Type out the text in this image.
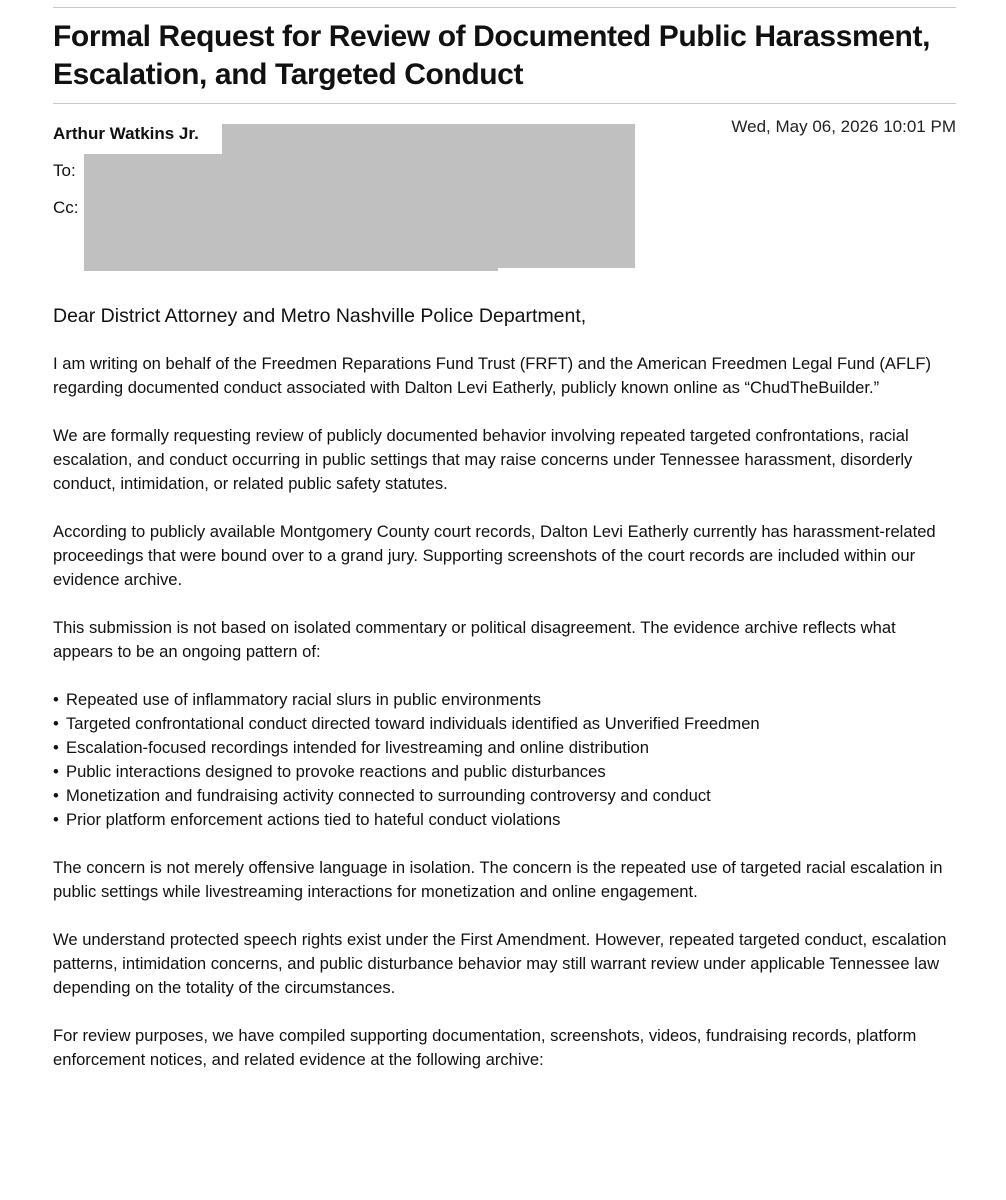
Formal Request for Review of Documented Public Harassment, Escalation, and Targeted Conduct
Arthur Watkins Jr.	Wed, May 06, 2026 10:01 PM
To:
Cc:
Dear District Attorney and Metro Nashville Police Department,

I am writing on behalf of the Freedmen Reparations Fund Trust (FRFT) and the American Freedmen Legal Fund (AFLF) regarding documented conduct associated with Dalton Levi Eatherly, publicly known online as “ChudTheBuilder.”

We are formally requesting review of publicly documented behavior involving repeated targeted confrontations, racial escalation, and conduct occurring in public settings that may raise concerns under Tennessee harassment, disorderly conduct, intimidation, or related public safety statutes.

According to publicly available Montgomery County court records, Dalton Levi Eatherly currently has harassment-related proceedings that were bound over to a grand jury. Supporting screenshots of the court records are included within our evidence archive.

This submission is not based on isolated commentary or political disagreement. The evidence archive reflects what appears to be an ongoing pattern of:

• Repeated use of inflammatory racial slurs in public environments
• Targeted confrontational conduct directed toward individuals identified as Unverified Freedmen
• Escalation-focused recordings intended for livestreaming and online distribution
• Public interactions designed to provoke reactions and public disturbances
• Monetization and fundraising activity connected to surrounding controversy and conduct
• Prior platform enforcement actions tied to hateful conduct violations

The concern is not merely offensive language in isolation. The concern is the repeated use of targeted racial escalation in public settings while livestreaming interactions for monetization and online engagement.

We understand protected speech rights exist under the First Amendment. However, repeated targeted conduct, escalation patterns, intimidation concerns, and public disturbance behavior may still warrant review under applicable Tennessee law depending on the totality of the circumstances.

For review purposes, we have compiled supporting documentation, screenshots, videos, fundraising records, platform enforcement notices, and related evidence at the following archive:
